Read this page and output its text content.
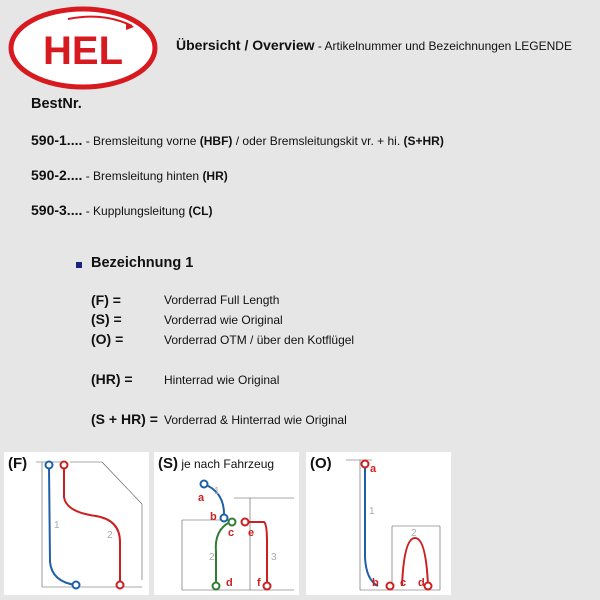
HEL	Übersicht / Overview - Artikelnummer und Bezeichnungen LEGENDE
BestNr.
590-1.... - Bremsleitung vorne (HBF) / oder Bremsleitungskit vr. + hi. (S+HR)
590-2.... - Bremsleitung hinten (HR)
590-3.... - Kupplungsleitung (CL)
Bezeichnung 1
(F) =	Vorderrad Full Length
(S) =	Vorderrad wie Original
(O) =	Vorderrad OTM / über den Kotflügel
(HR) =	Hinterrad wie Original
(S + HR) = Vorderrad & Hinterrad wie Original
1
2
(F)
a
b
c e
d f
1
2	3
(S) je nach Fahrzeug	a
b c d
1
2
(O)
